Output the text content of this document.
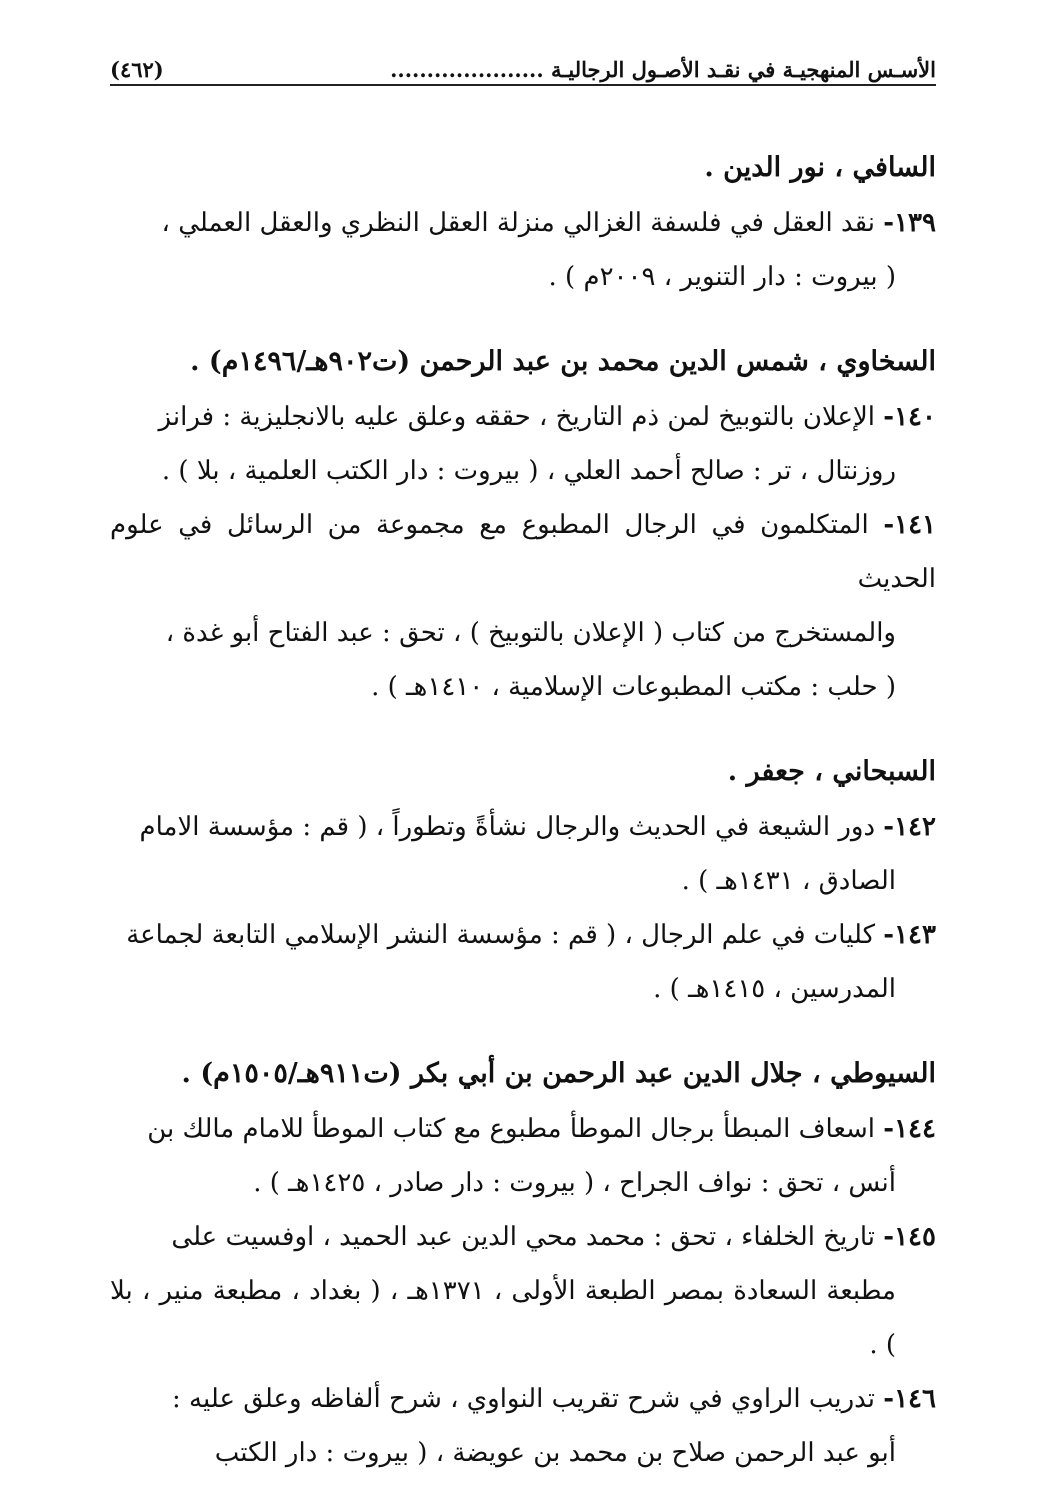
الأسـس المنهجيـة في نقـد الأصـول الرجاليـة .....................
(٤٦٢)

السافي ، نور الدين .

١٣٩- نقد العقل في فلسفة الغزالي منزلة العقل النظري والعقل العملي ،
( بيروت : دار التنوير ، ٢٠٠٩م ) .

السخاوي ، شمس الدين محمد بن عبد الرحمن (ت٩٠٢هـ/١٤٩٦م) .

١٤٠- الإعلان بالتوبيخ لمن ذم التاريخ ، حققه وعلق عليه بالانجليزية : فرانز
روزنتال ، تر : صالح أحمد العلي ، ( بيروت : دار الكتب العلمية ، بلا ) .

١٤١- المتكلمون في الرجال المطبوع مع مجموعة من الرسائل في علوم الحديث
والمستخرج من كتاب ( الإعلان بالتوبيخ ) ، تحق : عبد الفتاح أبو غدة ،
( حلب : مكتب المطبوعات الإسلامية ، ١٤١٠هـ ) .

السبحاني ، جعفر .

١٤٢- دور الشيعة في الحديث والرجال نشأةً وتطوراً ، ( قم : مؤسسة الامام
الصادق ، ١٤٣١هـ ) .

١٤٣- كليات في علم الرجال ، ( قم : مؤسسة النشر الإسلامي التابعة لجماعة
المدرسين ، ١٤١٥هـ ) .

السيوطي ، جلال الدين عبد الرحمن بن أبي بكر (ت٩١١هـ/١٥٠٥م) .

١٤٤- اسعاف المبطأ برجال الموطأ مطبوع مع كتاب الموطأ للامام مالك بن
أنس ، تحق : نواف الجراح ، ( بيروت : دار صادر ، ١٤٢٥هـ ) .

١٤٥- تاريخ الخلفاء ، تحق : محمد محي الدين عبد الحميد ، اوفسيت على
مطبعة السعادة بمصر الطبعة الأولى ، ١٣٧١هـ ، ( بغداد ، مطبعة منير ، بلا ) .

١٤٦- تدريب الراوي في شرح تقريب النواوي ، شرح ألفاظه وعلق عليه :
أبو عبد الرحمن صلاح بن محمد بن عويضة ، ( بيروت : دار الكتب
